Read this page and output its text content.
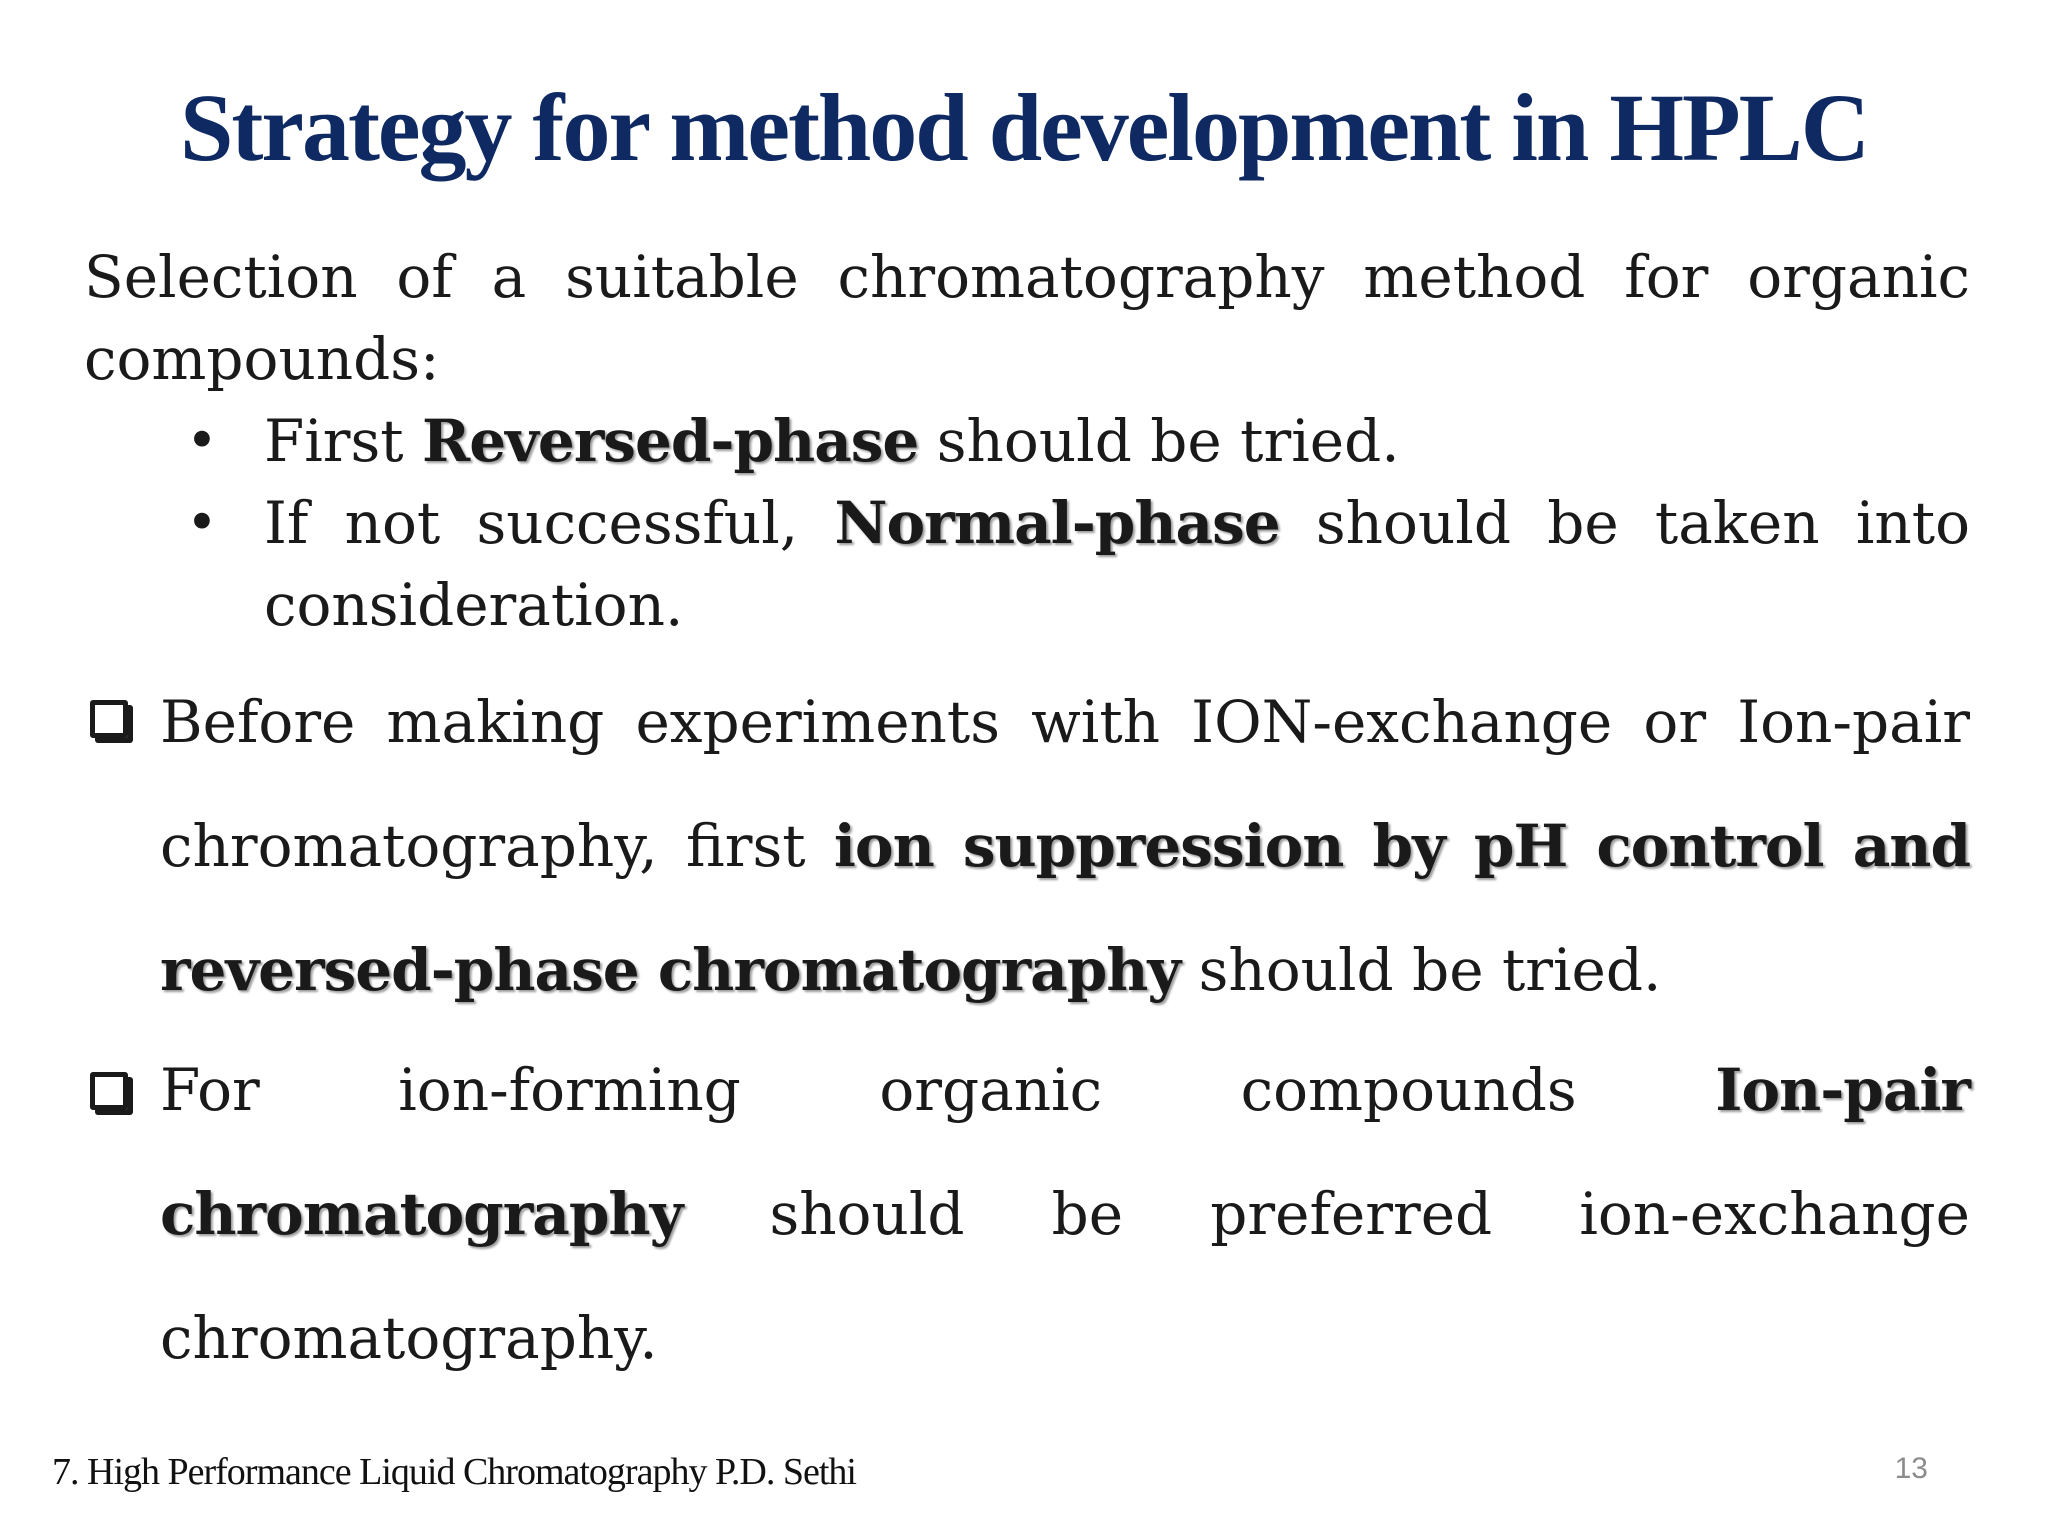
Strategy for method development in HPLC
Selection of a suitable chromatography method for organic compounds:
• First Reversed-phase should be tried.
• If not successful, Normal-phase should be taken into consideration.
Before making experiments with ION-exchange or Ion-pair chromatography, first ion suppression by pH control and reversed-phase chromatography should be tried.
For ion-forming organic compounds Ion-pair chromatography should be preferred ion-exchange chromatography.
7. High Performance Liquid Chromatography P.D. Sethi	13
